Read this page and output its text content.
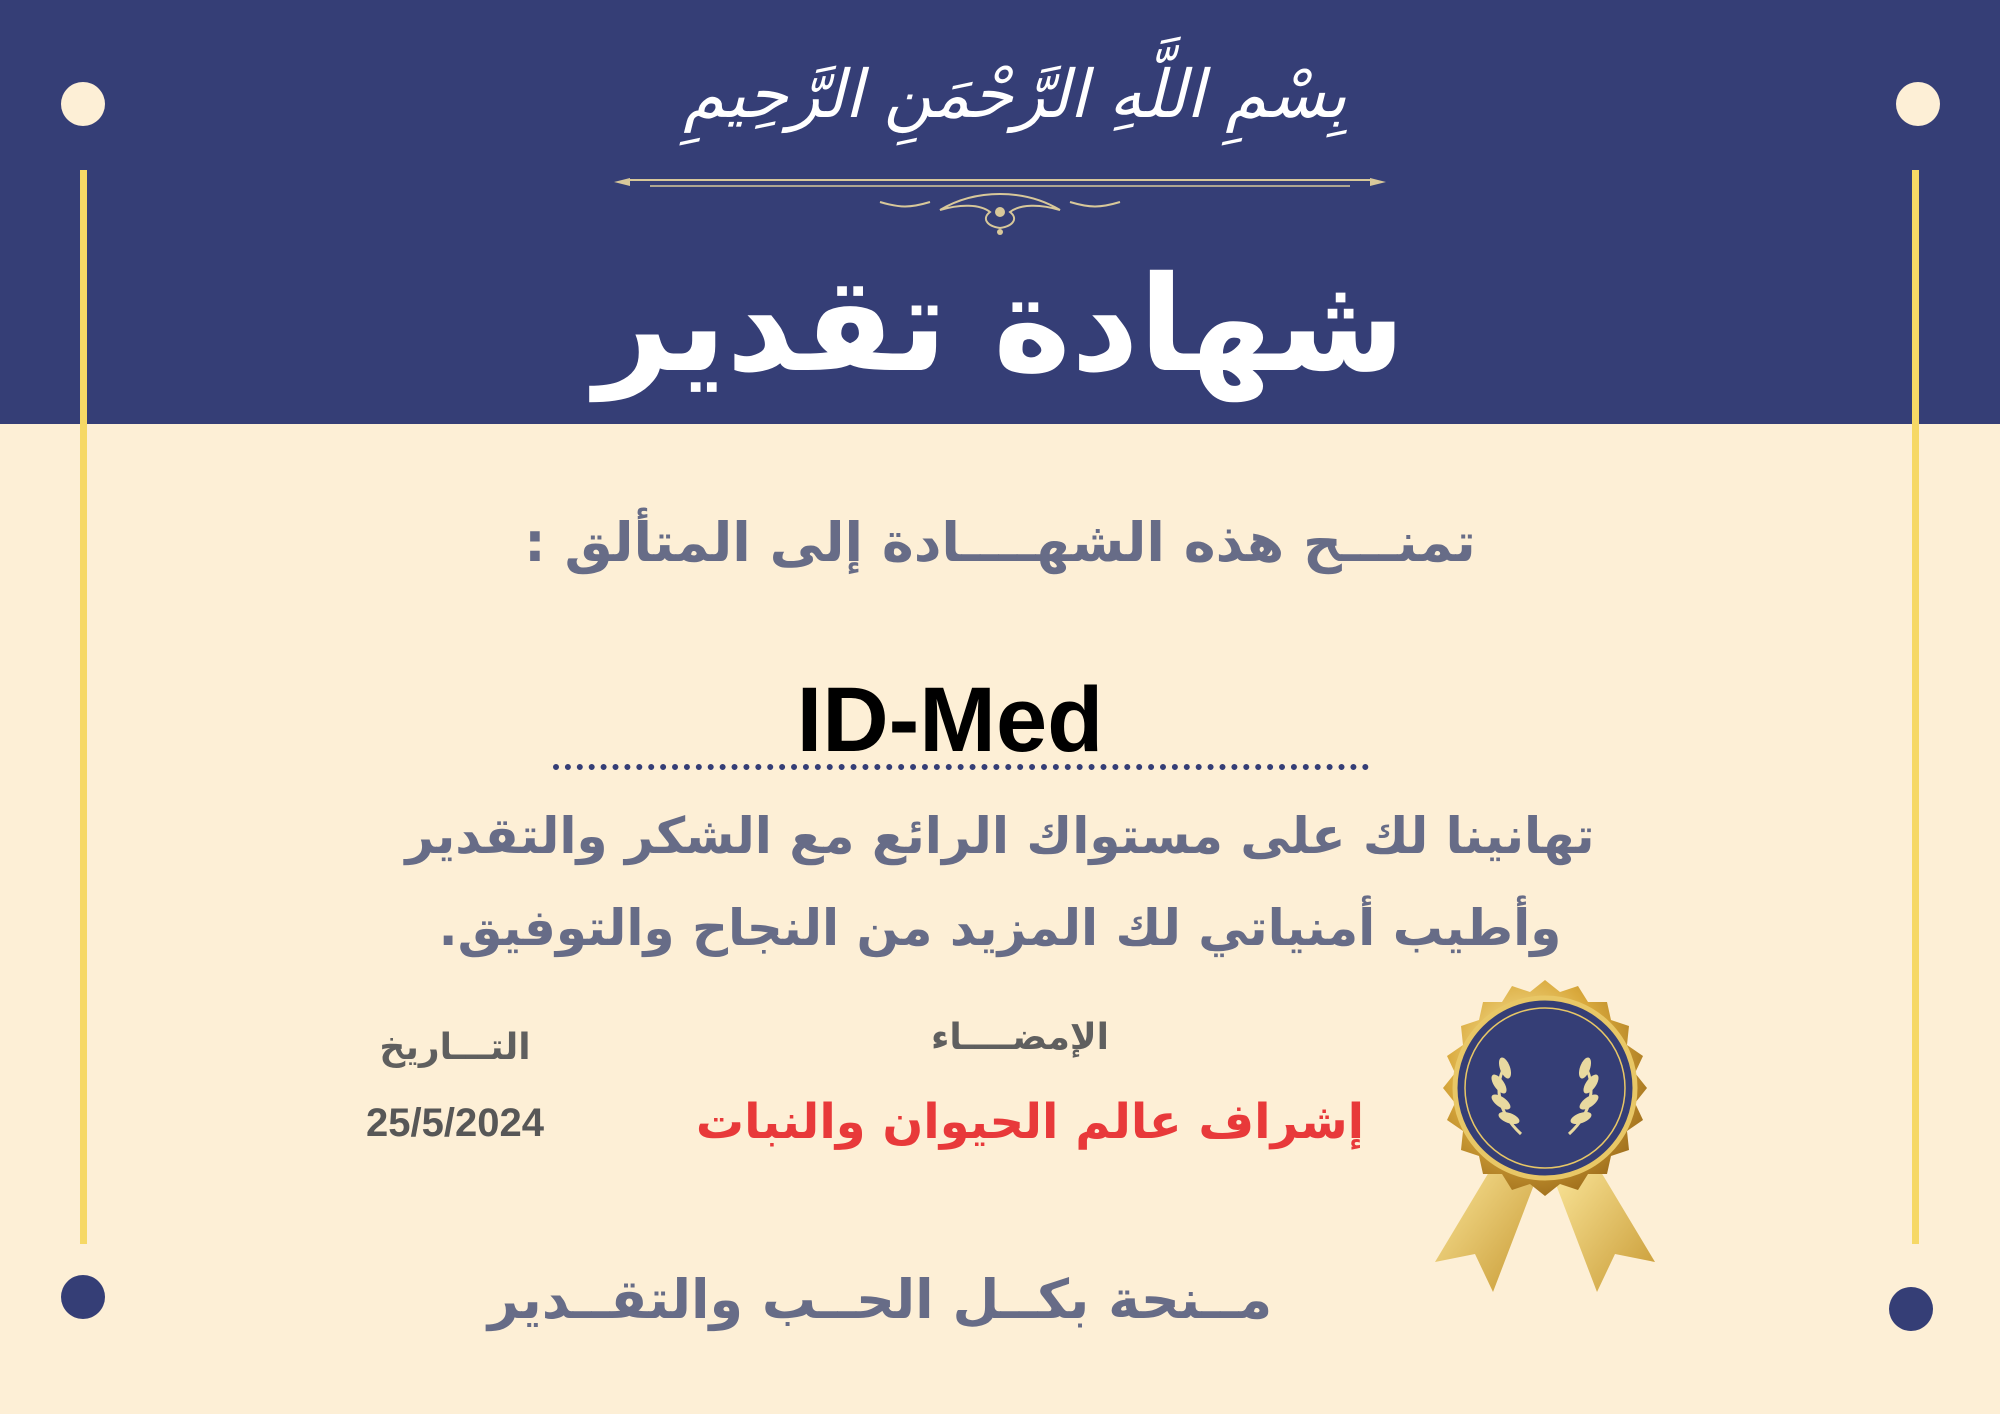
بِسْمِ اللَّهِ الرَّحْمَنِ الرَّحِيمِ
شهادة تقدير
تمنـــح هذه الشهــــادة إلى المتألق :
ID-Med

تهانينا لك على مستواك الرائع مع الشكر والتقدير

وأطيب أمنياتي لك المزيد من النجاح والتوفيق.

الإمضــــاء
إشراف عالم الحيوان والنبات
التـــاريخ
25/5/2024
مــنحة بكــل الحــب والتقــدير
